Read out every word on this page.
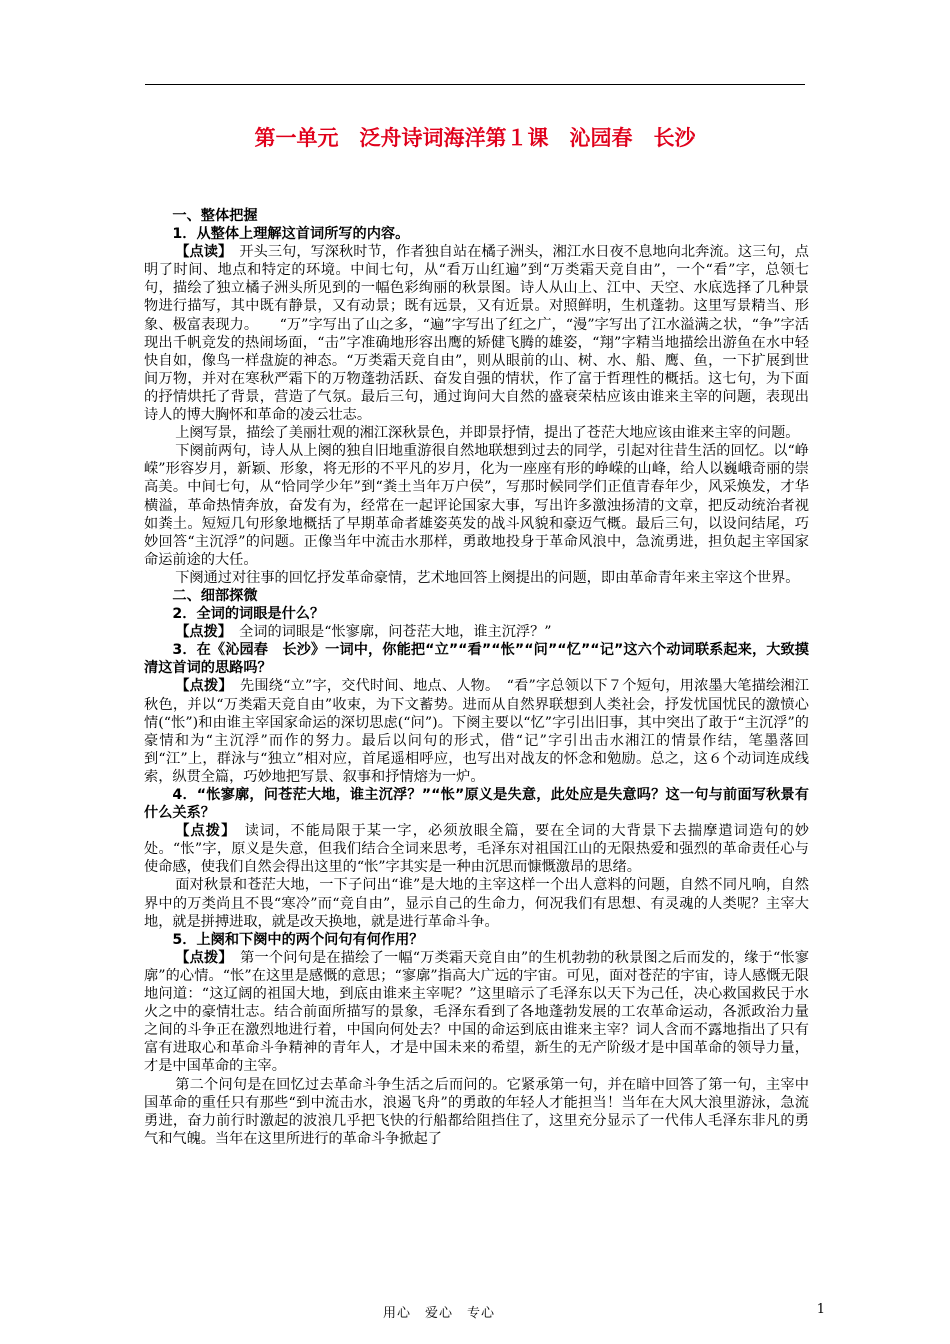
第一单元　泛舟诗词海洋第１课　沁园春　长沙

一、整体把握

1．从整体上理解这首词所写的内容。

【点读】　 开头三句，写深秋时节，作者独自站在橘子洲头，湘江水日夜不息地向北奔流。这三句，点明了时间、地点和特定的环境。中间七句，从“看万山红遍”到“万类霜天竞自由”，一个“看”字，总领七句，描绘了独立橘子洲头所见到的一幅色彩绚丽的秋景图。诗人从山上、江中、天空、水底选择了几种景物进行描写，其中既有静景，又有动景；既有远景，又有近景。对照鲜明，生机蓬勃。这里写景精当、形象、极富表现力。　　“万”字写出了山之多，“遍”字写出了红之广，“漫”字写出了江水溢满之状，“争”字活现出千帆竞发的热闹场面，“击”字准确地形容出鹰的矫健飞腾的雄姿，“翔”字精当地描绘出游鱼在水中轻快自如，像鸟一样盘旋的神态。“万类霜天竞自由”，则从眼前的山、树、水、船、鹰、鱼，一下扩展到世间万物，并对在寒秋严霜下的万物蓬勃活跃、奋发自强的情状，作了富于哲理性的概括。这七句，为下面的抒情烘托了背景，营造了气氛。最后三句，通过询问大自然的盛衰荣枯应该由谁来主宰的问题，表现出诗人的博大胸怀和革命的凌云壮志。

上阕写景，描绘了美丽壮观的湘江深秋景色，并即景抒情，提出了苍茫大地应该由谁来主宰的问题。

下阕前两句，诗人从上阕的独自旧地重游很自然地联想到过去的同学，引起对往昔生活的回忆。以“峥嵘”形容岁月，新颖、形象，将无形的不平凡的岁月，化为一座座有形的峥嵘的山峰，给人以巍峨奇丽的崇高美。中间七句，从“恰同学少年”到“粪土当年万户侯”，写那时候同学们正值青春年少，风采焕发，才华横溢，革命热情奔放，奋发有为，经常在一起评论国家大事，写出许多激浊扬清的文章，把反动统治者视如粪土。短短几句形象地概括了早期革命者雄姿英发的战斗风貌和豪迈气概。最后三句，以设问结尾，巧妙回答“主沉浮”的问题。正像当年中流击水那样，勇敢地投身于革命风浪中，急流勇进，担负起主宰国家命运前途的大任。

下阕通过对往事的回忆抒发革命豪情，艺术地回答上阕提出的问题，即由革命青年来主宰这个世界。

二、细部探微

2．全词的词眼是什么？

【点拨】　 全词的词眼是“怅寥廓，问苍茫大地，谁主沉浮？”

3．在《沁园春　长沙》一词中，你能把“立”“看”“怅”“问”“忆”“记”这六个动词联系起来，大致摸清这首词的思路吗？

【点拨】　 先围绕“立”字，交代时间、地点、人物。　“看”字总领以下７个短句，用浓墨大笔描绘湘江秋色，并以“万类霜天竞自由”收束，为下文蓄势。进而从自然界联想到人类社会，抒发忧国忧民的激愤心情(“怅”)和由谁主宰国家命运的深切思虑(“问”)。下阕主要以“忆”字引出旧事，其中突出了敢于“主沉浮”的豪情和为“主沉浮”而作的努力。最后以问句的形式，借“记”字引出击水湘江的情景作结，笔墨落回到“江”上，群泳与“独立”相对应，首尾遥相呼应，也写出对战友的怀念和勉励。总之，这６个动词连成线索，纵贯全篇，巧妙地把写景、叙事和抒情熔为一炉。

4．“怅寥廓，问苍茫大地，谁主沉浮？”“怅”原义是失意，此处应是失意吗？这一句与前面写秋景有什么关系？

【点拨】　 读词，不能局限于某一字，必须放眼全篇，要在全词的大背景下去揣摩遣词造句的妙处。“怅”字，原义是失意，但我们结合全词来思考，毛泽东对祖国江山的无限热爱和强烈的革命责任心与使命感，使我们自然会得出这里的“怅”字其实是一种由沉思而慷慨激昂的思绪。

面对秋景和苍茫大地，一下子问出“谁”是大地的主宰这样一个出人意料的问题，自然不同凡响，自然界中的万类尚且不畏“寒冷”而“竞自由”，显示自己的生命力，何况我们有思想、有灵魂的人类呢？主宰大地，就是拼搏进取，就是改天换地，就是进行革命斗争。

5．上阕和下阕中的两个问句有何作用？

【点拨】　 第一个问句是在描绘了一幅“万类霜天竞自由”的生机勃勃的秋景图之后而发的，缘于“怅寥廓”的心情。“怅”在这里是感慨的意思；“寥廓”指高大广远的宇宙。可见，面对苍茫的宇宙，诗人感慨无限地问道：“这辽阔的祖国大地，到底由谁来主宰呢？”这里暗示了毛泽东以天下为己任，决心救国救民于水火之中的豪情壮志。结合前面所描写的景象，毛泽东看到了各地蓬勃发展的工农革命运动，各派政治力量之间的斗争正在激烈地进行着，中国向何处去？中国的命运到底由谁来主宰？词人含而不露地指出了只有富有进取心和革命斗争精神的青年人，才是中国未来的希望，新生的无产阶级才是中国革命的领导力量，才是中国革命的主宰。

第二个问句是在回忆过去革命斗争生活之后而问的。它紧承第一句，并在暗中回答了第一句，主宰中国革命的重任只有那些“到中流击水，浪遏飞舟”的勇敢的年轻人才能担当！当年在大风大浪里游泳，急流勇进，奋力前行时激起的波浪几乎把飞快的行船都给阻挡住了，这里充分显示了一代伟人毛泽东非凡的勇气和气魄。当年在这里所进行的革命斗争掀起了

用心　爱心　专心	1
